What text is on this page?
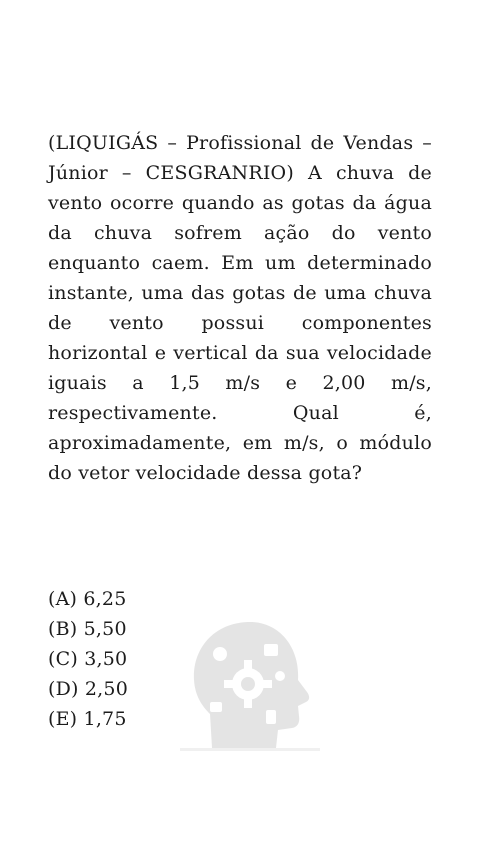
(LIQUIGÁS – Profissional de Vendas – Júnior – CESGRANRIO) A chuva de vento ocorre quando as gotas da água da chuva sofrem ação do vento enquanto caem. Em um determinado instante, uma das gotas de uma chuva de vento possui componentes horizontal e vertical da sua velocidade iguais a 1,5 m/s e 2,00 m/s, respectivamente. Qual é, aproximadamente, em m/s, o módulo do vetor velocidade dessa gota?

(A) 6,25
(B) 5,50
(C) 3,50
(D) 2,50
(E) 1,75
